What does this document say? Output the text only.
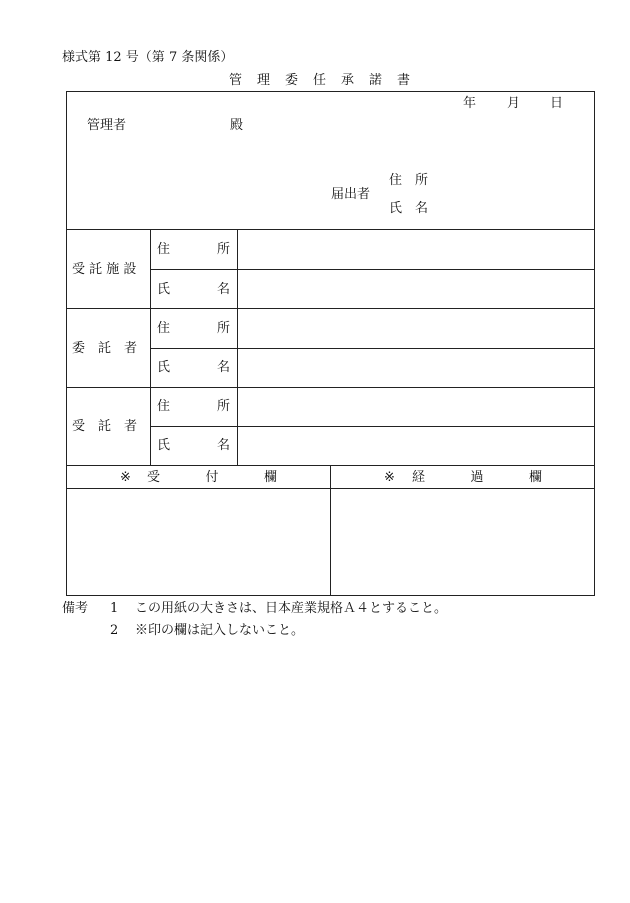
様式第 12 号（第 7 条関係）
管　理　委　任　承　諾　書
年 月 日
管理者	殿
届出者
住　所
氏　名
受 託 施 設
住	所
氏	名
委　託　者
住	所
氏	名
受　託　者
住	所
氏	名
※ 受	付	欄	※ 経	過	欄
備考 1 この用紙の大きさは、日本産業規格Ａ４とすること。
2 ※印の欄は記入しないこと。
